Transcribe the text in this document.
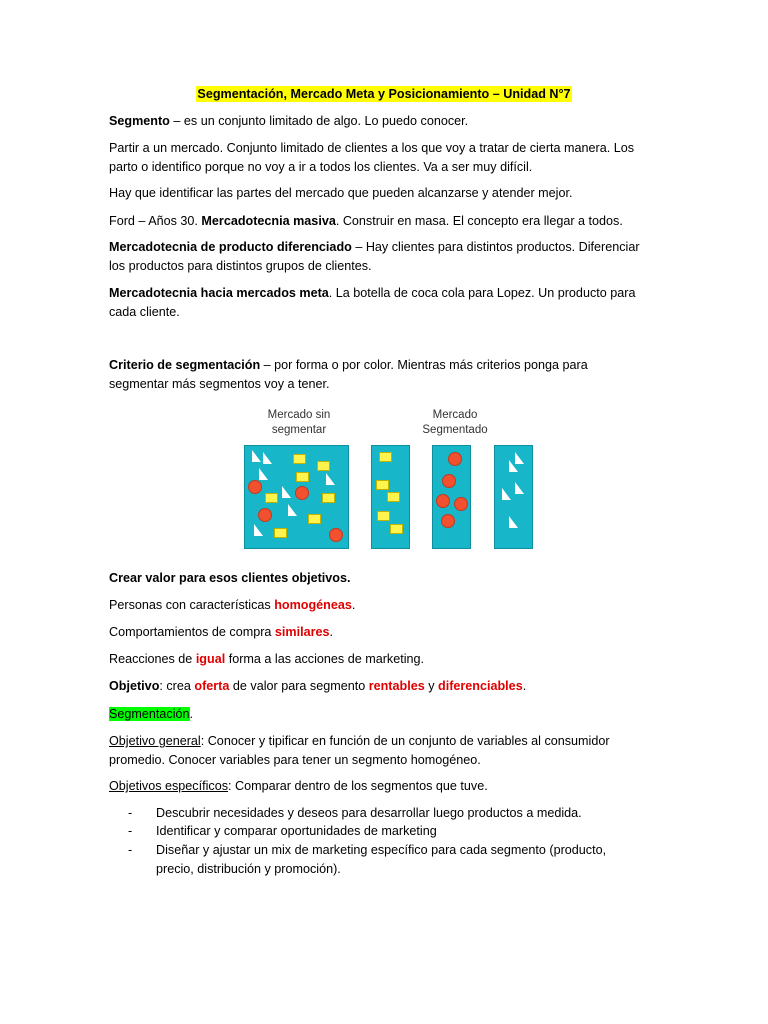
Segmentación, Mercado Meta y Posicionamiento – Unidad N°7

Segmento – es un conjunto limitado de algo. Lo puedo conocer.

Partir a un mercado. Conjunto limitado de clientes a los que voy a tratar de cierta manera. Los
parto o identifico porque no voy a ir a todos los clientes. Va a ser muy difícil.

Hay que identificar las partes del mercado que pueden alcanzarse y atender mejor.

Ford – Años 30. Mercadotecnia masiva. Construir en masa. El concepto era llegar a todos.

Mercadotecnia de producto diferenciado – Hay clientes para distintos productos. Diferenciar
los productos para distintos grupos de clientes.

Mercadotecnia hacia mercados meta. La botella de coca cola para Lopez. Un producto para
cada cliente.

Criterio de segmentación – por forma o por color. Mientras más criterios ponga para
segmentar más segmentos voy a tener.

Mercado sin
segmentar
Mercado
Segmentado

Crear valor para esos clientes objetivos.

Personas con características homogéneas.

Comportamientos de compra similares.

Reacciones de igual forma a las acciones de marketing.

Objetivo: crea oferta de valor para segmento rentables y diferenciables.

Segmentación.

Objetivo general: Conocer y tipificar en función de un conjunto de variables al consumidor
promedio. Conocer variables para tener un segmento homogéneo.

Objetivos específicos: Comparar dentro de los segmentos que tuve.

- Descubrir necesidades y deseos para desarrollar luego productos a medida.
- Identificar y comparar oportunidades de marketing
- Diseñar y ajustar un mix de marketing específico para cada segmento (producto,
precio, distribución y promoción).
